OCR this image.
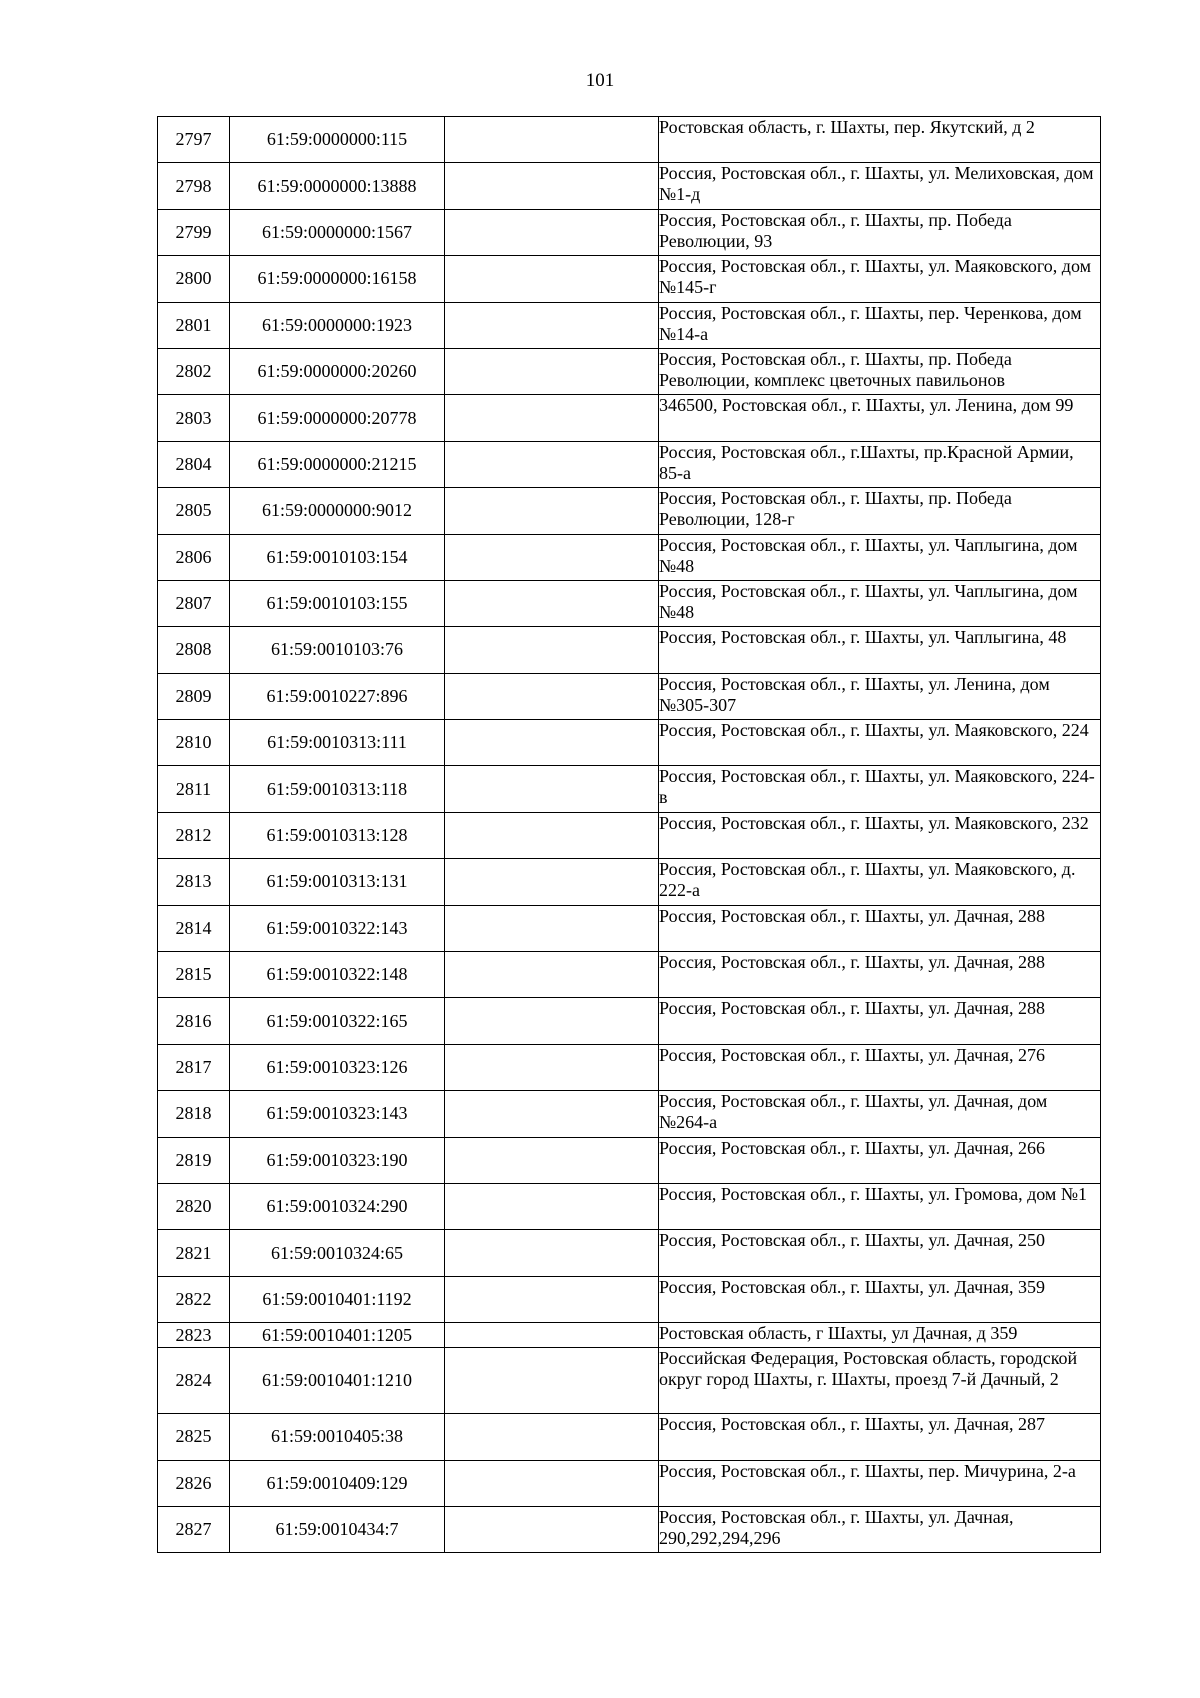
101
2797	61:59:0000000:115		Ростовская область, г. Шахты, пер. Якутский, д 2
2798	61:59:0000000:13888		Россия, Ростовская обл., г. Шахты, ул. Мелиховская, дом №1-д
2799	61:59:0000000:1567		Россия, Ростовская обл., г. Шахты, пр. Победа Революции, 93
2800	61:59:0000000:16158		Россия, Ростовская обл., г. Шахты, ул. Маяковского, дом №145-г
2801	61:59:0000000:1923		Россия, Ростовская обл., г. Шахты, пер. Черенкова, дом №14-а
2802	61:59:0000000:20260		Россия, Ростовская обл., г. Шахты, пр. Победа Революции, комплекс цветочных павильонов
2803	61:59:0000000:20778		346500, Ростовская обл., г. Шахты, ул. Ленина, дом 99
2804	61:59:0000000:21215		Россия, Ростовская обл., г.Шахты, пр.Красной Армии, 85-а
2805	61:59:0000000:9012		Россия, Ростовская обл., г. Шахты, пр. Победа Революции, 128-г
2806	61:59:0010103:154		Россия, Ростовская обл., г. Шахты, ул. Чаплыгина, дом №48
2807	61:59:0010103:155		Россия, Ростовская обл., г. Шахты, ул. Чаплыгина, дом №48
2808	61:59:0010103:76		Россия, Ростовская обл., г. Шахты, ул. Чаплыгина, 48
2809	61:59:0010227:896		Россия, Ростовская обл., г. Шахты, ул. Ленина, дом №305-307
2810	61:59:0010313:111		Россия, Ростовская обл., г. Шахты, ул. Маяковского, 224
2811	61:59:0010313:118		Россия, Ростовская обл., г. Шахты, ул. Маяковского, 224-в
2812	61:59:0010313:128		Россия, Ростовская обл., г. Шахты, ул. Маяковского, 232
2813	61:59:0010313:131		Россия, Ростовская обл., г. Шахты, ул. Маяковского, д. 222-а
2814	61:59:0010322:143		Россия, Ростовская обл., г. Шахты, ул. Дачная, 288
2815	61:59:0010322:148		Россия, Ростовская обл., г. Шахты, ул. Дачная, 288
2816	61:59:0010322:165		Россия, Ростовская обл., г. Шахты, ул. Дачная, 288
2817	61:59:0010323:126		Россия, Ростовская обл., г. Шахты, ул. Дачная, 276
2818	61:59:0010323:143		Россия, Ростовская обл., г. Шахты, ул. Дачная, дом №264-а
2819	61:59:0010323:190		Россия, Ростовская обл., г. Шахты, ул. Дачная, 266
2820	61:59:0010324:290		Россия, Ростовская обл., г. Шахты, ул. Громова, дом №1
2821	61:59:0010324:65		Россия, Ростовская обл., г. Шахты, ул. Дачная, 250
2822	61:59:0010401:1192		Россия, Ростовская обл., г. Шахты, ул. Дачная, 359
2823	61:59:0010401:1205		Ростовская область, г Шахты, ул Дачная, д 359
2824	61:59:0010401:1210		Российская Федерация, Ростовская область, городской округ город Шахты, г. Шахты, проезд 7-й Дачный, 2
2825	61:59:0010405:38		Россия, Ростовская обл., г. Шахты, ул. Дачная, 287
2826	61:59:0010409:129		Россия, Ростовская обл., г. Шахты, пер. Мичурина, 2-а
2827	61:59:0010434:7		Россия, Ростовская обл., г. Шахты, ул. Дачная, 290,292,294,296
